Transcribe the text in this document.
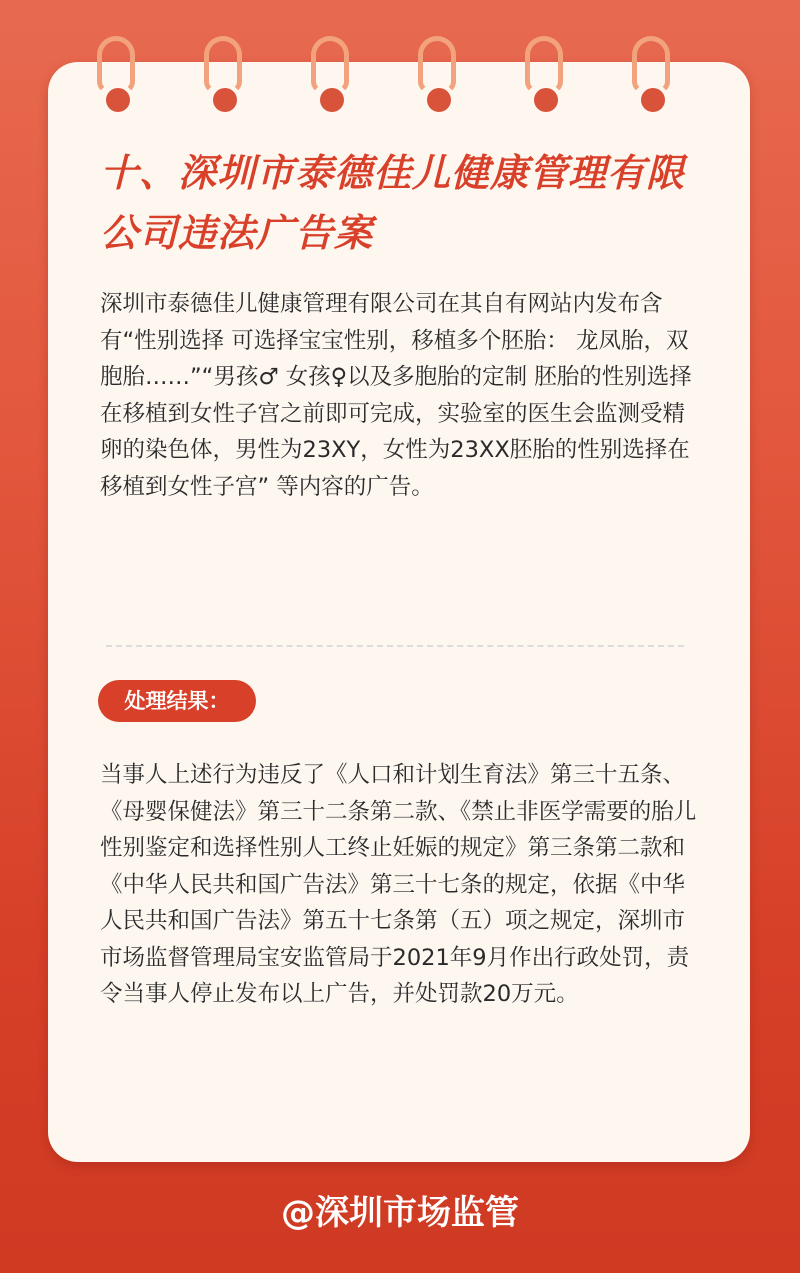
十、深圳市泰德佳儿健康管理有限公司违法广告案

深圳市泰德佳儿健康管理有限公司在其自有网站内发布含有“性别选择 可选择宝宝性别，移植多个胚胎： 龙凤胎，双胞胎……”“男孩♂ 女孩♀以及多胞胎的定制 胚胎的性别选择在移植到女性子宫之前即可完成，实验室的医生会监测受精卵的染色体，男性为23XY，女性为23XX胚胎的性别选择在移植到女性子宫” 等内容的广告。

处理结果：

当事人上述行为违反了《人口和计划生育法》第三十五条、《母婴保健法》第三十二条第二款、《禁止非医学需要的胎儿性别鉴定和选择性别人工终止妊娠的规定》第三条第二款和《中华人民共和国广告法》第三十七条的规定，依据《中华人民共和国广告法》第五十七条第（五）项之规定，深圳市市场监督管理局宝安监管局于2021年9月作出行政处罚，责令当事人停止发布以上广告，并处罚款20万元。

@深圳市场监管
